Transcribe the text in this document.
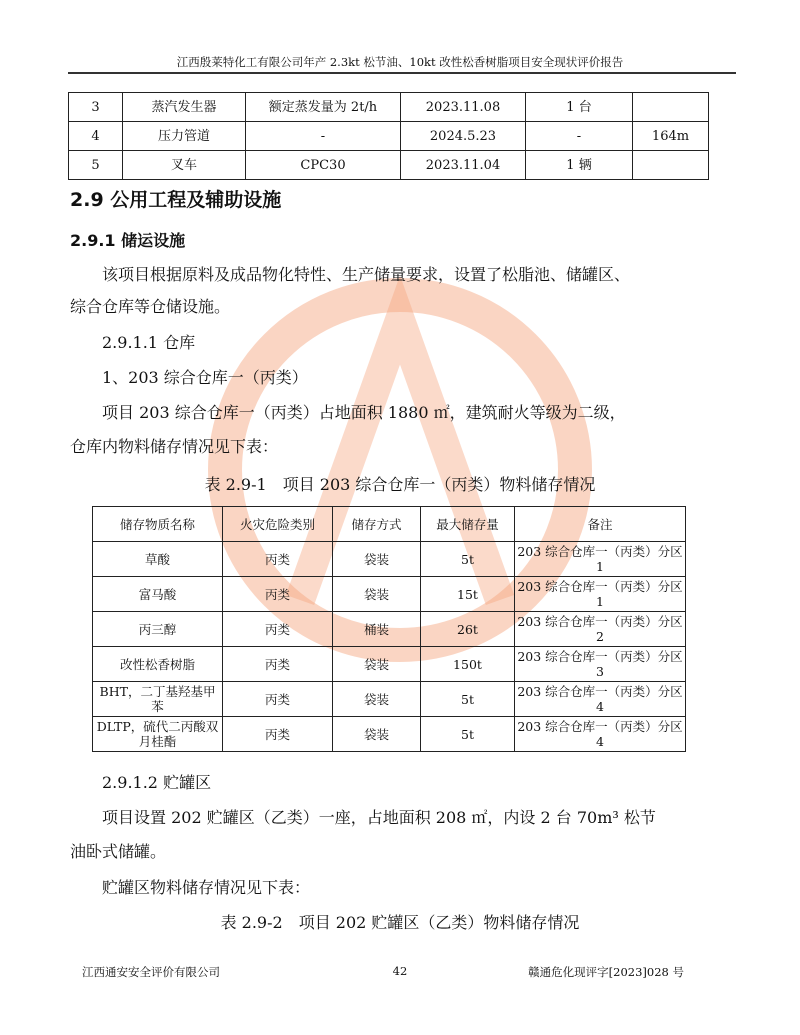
江西殷莱特化工有限公司年产 2.3kt 松节油、10kt 改性松香树脂项目安全现状评价报告
3	蒸汽发生器	额定蒸发量为 2t/h	2023.11.08	1 台	
4	压力管道	-	2024.5.23	-	164m
5	叉车	CPC30	2023.11.04	1 辆	
2.9 公用工程及辅助设施
2.9.1 储运设施
该项目根据原料及成品物化特性、生产储量要求，设置了松脂池、储罐区、
综合仓库等仓储设施。
2.9.1.1 仓库
1、203 综合仓库一（丙类）
项目 203 综合仓库一（丙类）占地面积 1880 ㎡，建筑耐火等级为二级，
仓库内物料储存情况见下表：
表 2.9-1　项目 203 综合仓库一（丙类）物料储存情况
储存物质名称	火灾危险类别	储存方式	最大储存量	备注
草酸	丙类	袋装	5t	203 综合仓库一（丙类）分区 1
富马酸	丙类	袋装	15t	203 综合仓库一（丙类）分区 1
丙三醇	丙类	桶装	26t	203 综合仓库一（丙类）分区 2
改性松香树脂	丙类	袋装	150t	203 综合仓库一（丙类）分区 3
BHT，二丁基羟基甲苯	丙类	袋装	5t	203 综合仓库一（丙类）分区 4
DLTP，硫代二丙酸双月桂酯	丙类	袋装	5t	203 综合仓库一（丙类）分区 4
2.9.1.2 贮罐区
项目设置 202 贮罐区（乙类）一座，占地面积 208 ㎡，内设 2 台 70m³ 松节
油卧式储罐。
贮罐区物料储存情况见下表：
表 2.9-2　项目 202 贮罐区（乙类）物料储存情况
江西通安安全评价有限公司	42	赣通危化现评字[2023]028 号
